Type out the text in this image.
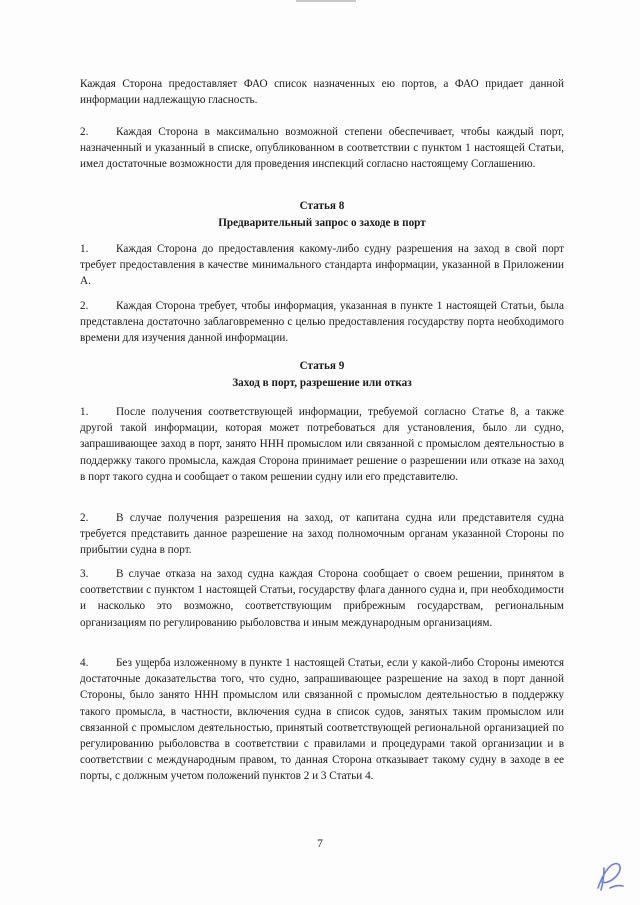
Каждая Сторона предоставляет ФАО список назначенных ею портов, а ФАО придает данной информации надлежащую гласность.

2. Каждая Сторона в максимально возможной степени обеспечивает, чтобы каждый порт, назначенный и указанный в списке, опубликованном в соответствии с пунктом 1 настоящей Статьи, имел достаточные возможности для проведения инспекций согласно настоящему Соглашению.

Статья 8
Предварительный запрос о заходе в порт

1. Каждая Сторона до предоставления какому-либо судну разрешения на заход в свой порт требует предоставления в качестве минимального стандарта информации, указанной в Приложении А.

2. Каждая Сторона требует, чтобы информация, указанная в пункте 1 настоящей Статьи, была представлена достаточно заблаговременно с целью предоставления государству порта необходимого времени для изучения данной информации.

Статья 9
Заход в порт, разрешение или отказ

1. После получения соответствующей информации, требуемой согласно Статье 8, а также другой такой информации, которая может потребоваться для установления, было ли судно, запрашивающее заход в порт, занято ННН промыслом или связанной с промыслом деятельностью в поддержку такого промысла, каждая Сторона принимает решение о разрешении или отказе на заход в порт такого судна и сообщает о таком решении судну или его представителю.

2. В случае получения разрешения на заход, от капитана судна или представителя судна требуется представить данное разрешение на заход полномочным органам указанной Стороны по прибытии судна в порт.

3. В случае отказа на заход судна каждая Сторона сообщает о своем решении, принятом в соответствии с пунктом 1 настоящей Статьи, государству флага данного судна и, при необходимости и насколько это возможно, соответствующим прибрежным государствам, региональным организациям по регулированию рыболовства и иным международным организациям.

4. Без ущерба изложенному в пункте 1 настоящей Статьи, если у какой-либо Стороны имеются достаточные доказательства того, что судно, запрашивающее разрешение на заход в порт данной Стороны, было занято ННН промыслом или связанной с промыслом деятельностью в поддержку такого промысла, в частности, включения судна в список судов, занятых таким промыслом или связанной с промыслом деятельностью, принятый соответствующей региональной организацией по регулированию рыболовства в соответствии с правилами и процедурами такой организации и в соответствии с международным правом, то данная Сторона отказывает такому судну в заходе в ее порты, с должным учетом положений пунктов 2 и 3 Статьи 4.

7
